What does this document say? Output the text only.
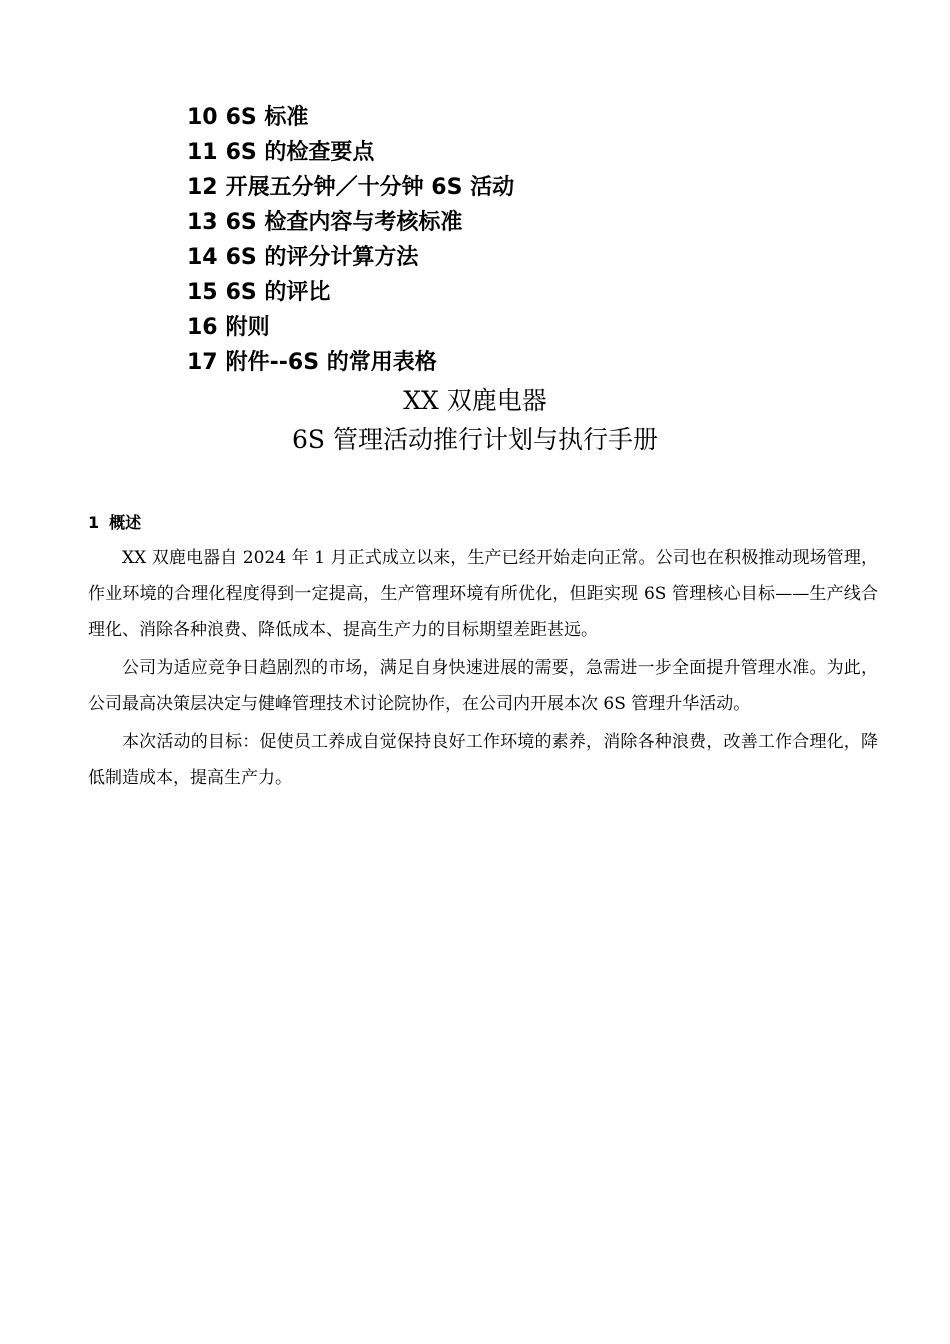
10 6S 标准
11 6S 的检查要点
12 开展五分钟／十分钟 6S 活动
13 6S 检查内容与考核标准
14 6S 的评分计算方法
15 6S 的评比
16 附则
17 附件--6S 的常用表格
XX 双鹿电器
6S 管理活动推行计划与执行手册
1 概述

XX 双鹿电器自 2024 年 1 月正式成立以来，生产已经开始走向正常。公司也在积极推动现场管理，作业环境的合理化程度得到一定提高，生产管理环境有所优化，但距实现 6S 管理核心目标——生产线合理化、消除各种浪费、降低成本、提高生产力的目标期望差距甚远。

公司为适应竞争日趋剧烈的市场，满足自身快速进展的需要，急需进一步全面提升管理水准。为此，公司最高决策层决定与健峰管理技术讨论院协作，在公司内开展本次 6S 管理升华活动。

本次活动的目标：促使员工养成自觉保持良好工作环境的素养，消除各种浪费，改善工作合理化，降低制造成本，提高生产力。
